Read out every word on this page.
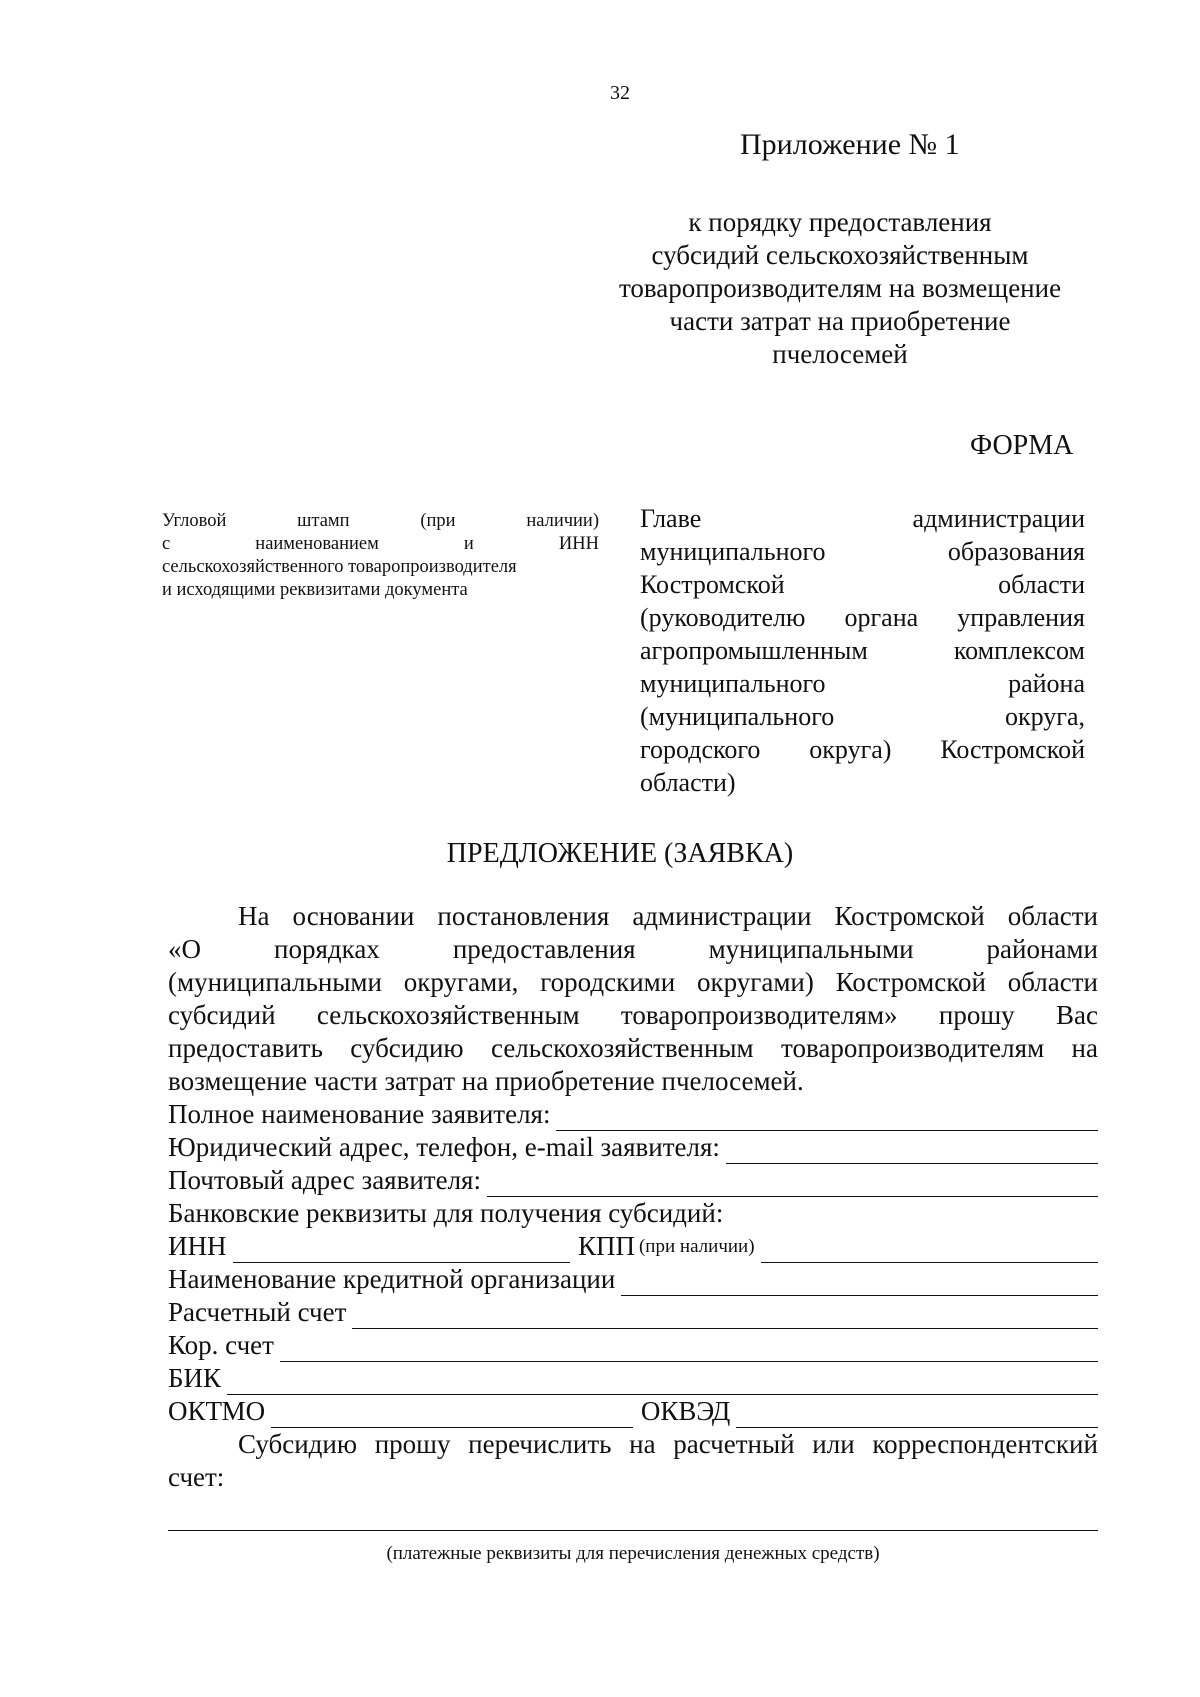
32
Приложение № 1
к порядку предоставления
субсидий сельскохозяйственным
товаропроизводителям на возмещение
части затрат на приобретение
пчелосемей
ФОРМА
Угловой	штамп	(при	наличии)
с	наименованием	и	ИНН
сельскохозяйственного товаропроизводителя
и исходящими реквизитами документа
Главе	администрации
муниципального	образования
Костромской	области
(руководителю органа управления
агропромышленным	комплексом
муниципального	района
(муниципального	округа,
городского округа) Костромской
области)
ПРЕДЛОЖЕНИЕ (ЗАЯВКА)
На основании постановления администрации Костромской области
«О	порядках	предоставления	муниципальными	районами
(муниципальными округами, городскими округами) Костромской области
субсидий сельскохозяйственным товаропроизводителям» прошу Вас
предоставить субсидию сельскохозяйственным товаропроизводителям на
возмещение части затрат на приобретение пчелосемей.
Полное наименование заявителя:
Юридический адрес, телефон, e-mail заявителя:
Почтовый адрес заявителя:
Банковские реквизиты для получения субсидий:
ИНН	КПП (при наличии)
Наименование кредитной организации
Расчетный счет
Кор. счет
БИК
ОКТМО	ОКВЭД
Субсидию прошу перечислить на расчетный или корреспондентский
счет:
(платежные реквизиты для перечисления денежных средств)
